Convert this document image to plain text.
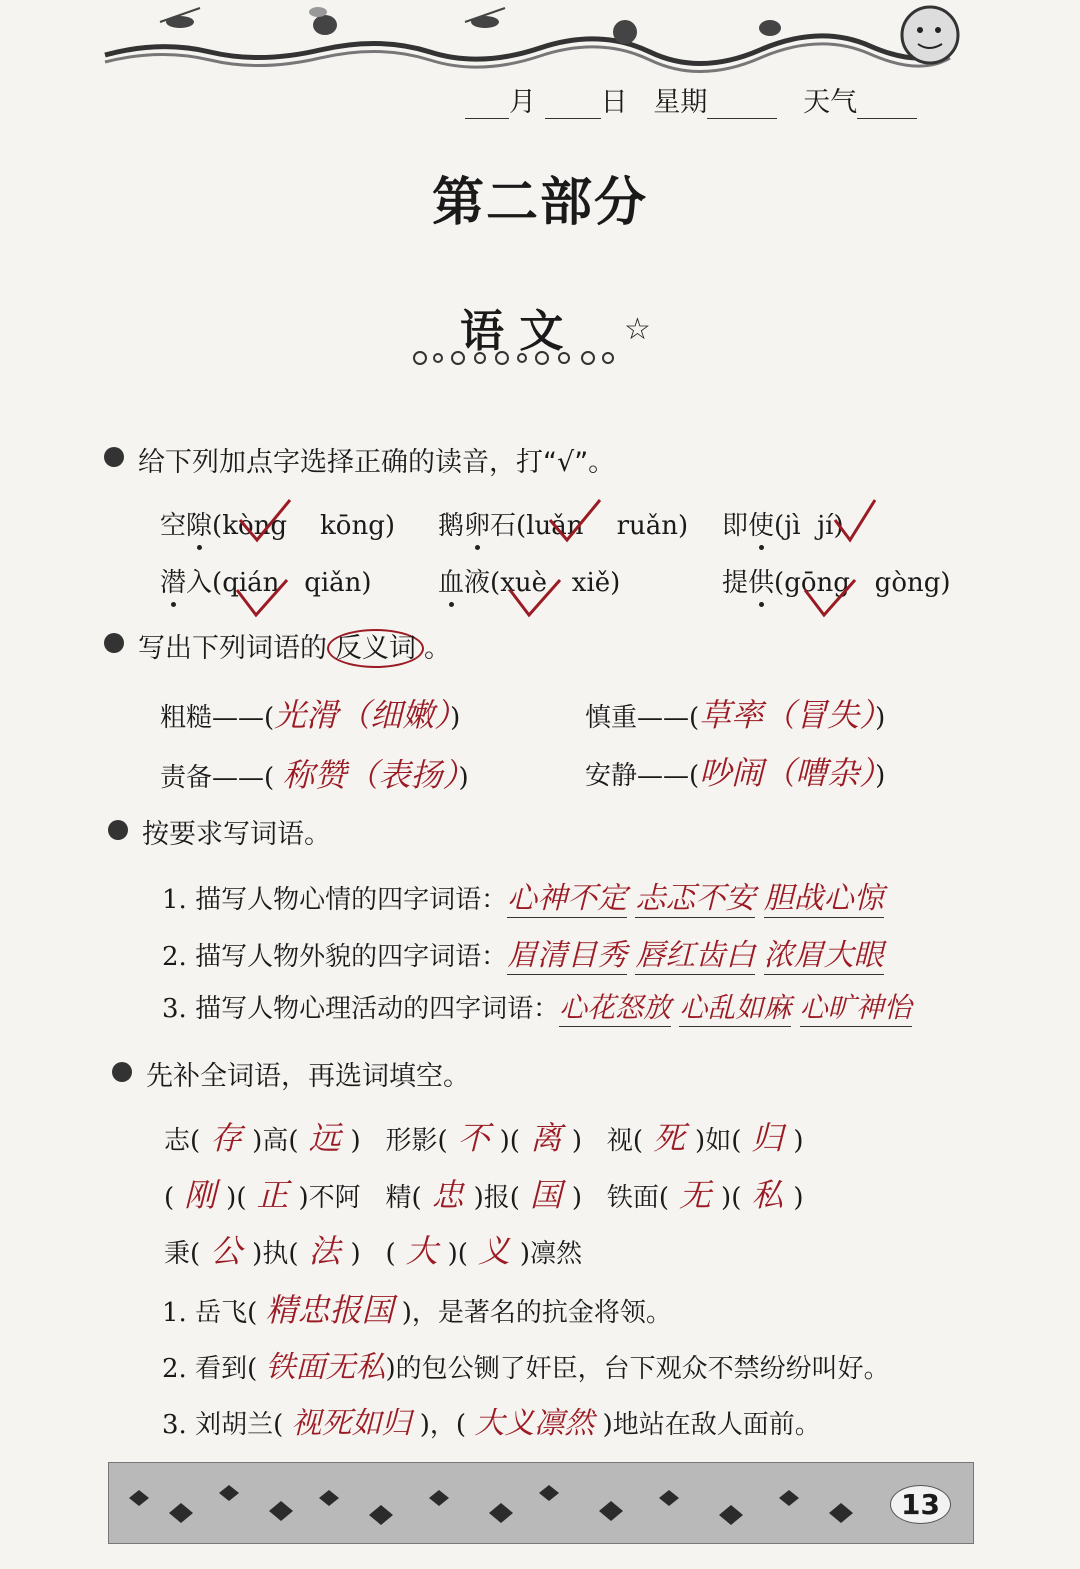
月 日 星期	天气
第二部分
语 文 ☆
给下列加点字选择正确的读音，打“√”。
空隙(kòng kōng) 鹅卵石(luǎn ruǎn) 即使(jì jí)
潜入(qián qiǎn)	血液(xuè xiě)	提供(gōng gòng)
写出下列词语的 反义词 。
粗糙——(光滑（细嫩）)	慎重——(草率（冒失）)
责备——( 称赞（表扬）)	安静——(吵闹（嘈杂）)
按要求写词语。
1. 描写人物心情的四字词语：心神不定 忐忑不安 胆战心惊
2. 描写人物外貌的四字词语：眉清目秀 唇红齿白 浓眉大眼
3. 描写人物心理活动的四字词语：心花怒放 心乱如麻 心旷神怡
先补全词语，再选词填空。
志( 存 )高( 远 ) 形影( 不 )( 离 ) 视( 死 )如( 归 )
( 刚 )( 正 )不阿 精( 忠 )报( 国 ) 铁面( 无 )( 私 )
秉( 公 )执( 法 ) ( 大 )( 义 )凛然
1. 岳飞( 精忠报国 )，是著名的抗金将领。
2. 看到( 铁面无私)的包公铡了奸臣，台下观众不禁纷纷叫好。
3. 刘胡兰( 视死如归 )，( 大义凛然 )地站在敌人面前。
13
